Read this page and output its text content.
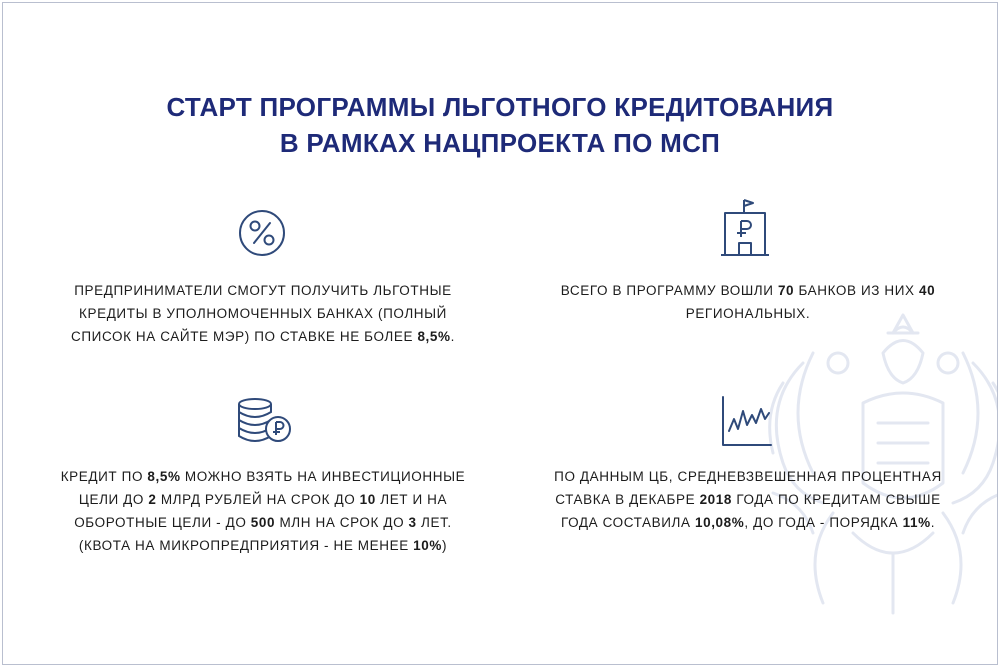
СТАРТ ПРОГРАММЫ ЛЬГОТНОГО КРЕДИТОВАНИЯ
В РАМКАХ НАЦПРОЕКТА ПО МСП
ПРЕДПРИНИМАТЕЛИ СМОГУТ ПОЛУЧИТЬ ЛЬГОТНЫЕ
КРЕДИТЫ В УПОЛНОМОЧЕННЫХ БАНКАХ (ПОЛНЫЙ
СПИСОК НА САЙТЕ МЭР) ПО СТАВКЕ НЕ БОЛЕЕ 8,5%.
ВСЕГО В ПРОГРАММУ ВОШЛИ 70 БАНКОВ ИЗ НИХ 40
РЕГИОНАЛЬНЫХ.
КРЕДИТ ПО 8,5% МОЖНО ВЗЯТЬ НА ИНВЕСТИЦИОННЫЕ
ЦЕЛИ ДО 2 МЛРД РУБЛЕЙ НА СРОК ДО 10 ЛЕТ И НА
ОБОРОТНЫЕ ЦЕЛИ - ДО 500 МЛН НА СРОК ДО 3 ЛЕТ.
(КВОТА НА МИКРОПРЕДПРИЯТИЯ - НЕ МЕНЕЕ 10%)
ПО ДАННЫМ ЦБ, СРЕДНЕВЗВЕШЕННАЯ ПРОЦЕНТНАЯ
СТАВКА В ДЕКАБРЕ 2018 ГОДА ПО КРЕДИТАМ СВЫШЕ
ГОДА СОСТАВИЛА 10,08%, ДО ГОДА - ПОРЯДКА 11%.
